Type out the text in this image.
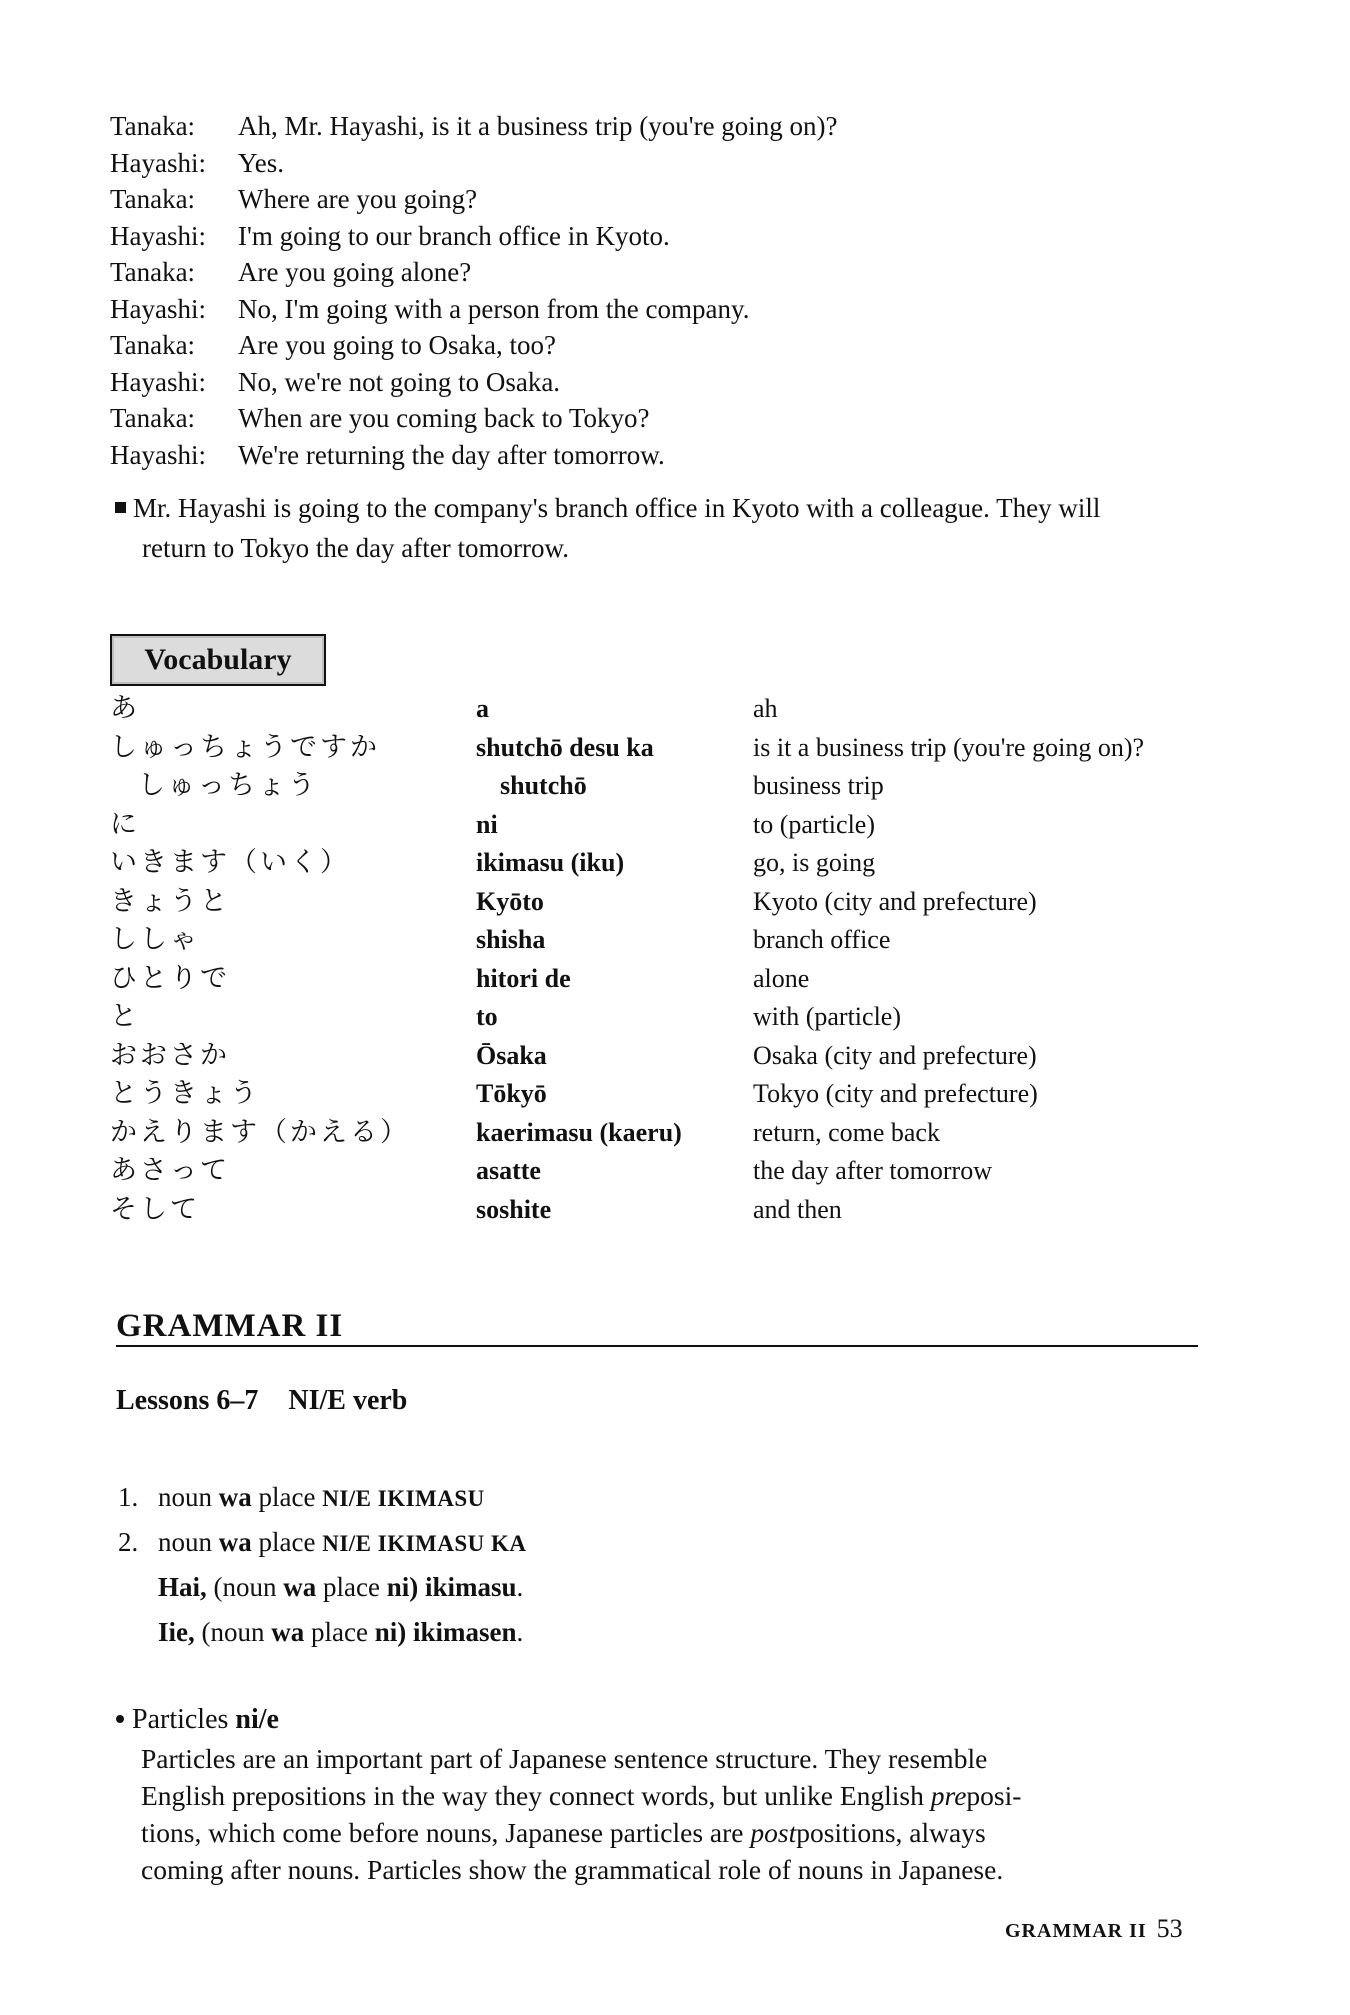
Tanaka: Ah, Mr. Hayashi, is it a business trip (you're going on)?
Hayashi: Yes.
Tanaka: Where are you going?
Hayashi: I'm going to our branch office in Kyoto.
Tanaka: Are you going alone?
Hayashi: No, I'm going with a person from the company.
Tanaka: Are you going to Osaka, too?
Hayashi: No, we're not going to Osaka.
Tanaka: When are you coming back to Tokyo?
Hayashi: We're returning the day after tomorrow.
Mr. Hayashi is going to the company's branch office in Kyoto with a colleague. They will
return to Tokyo the day after tomorrow.
Vocabulary
あ	a	ah
しゅっちょうですか	shutchō desu ka	is it a business trip (you're going on)?
しゅっちょう	shutchō	business trip
に	ni	to (particle)
いきます（いく）	ikimasu (iku)	go, is going
きょうと	Kyōto	Kyoto (city and prefecture)
ししゃ	shisha	branch office
ひとりで	hitori de	alone
と	to	with (particle)
おおさか	Ōsaka	Osaka (city and prefecture)
とうきょう	Tōkyō	Tokyo (city and prefecture)
かえります（かえる）	kaerimasu (kaeru)	return, come back
あさって	asatte	the day after tomorrow
そして	soshite	and then
GRAMMAR II
Lessons 6–7 NI/E verb
1. noun wa place NI/E IKIMASU
2. noun wa place NI/E IKIMASU KA
Hai, (noun wa place ni) ikimasu.
Iie, (noun wa place ni) ikimasen.
Particles ni/e
Particles are an important part of Japanese sentence structure. They resemble
English prepositions in the way they connect words, but unlike English preposi-
tions, which come before nouns, Japanese particles are postpositions, always
coming after nouns. Particles show the grammatical role of nouns in Japanese.
GRAMMAR II 53
